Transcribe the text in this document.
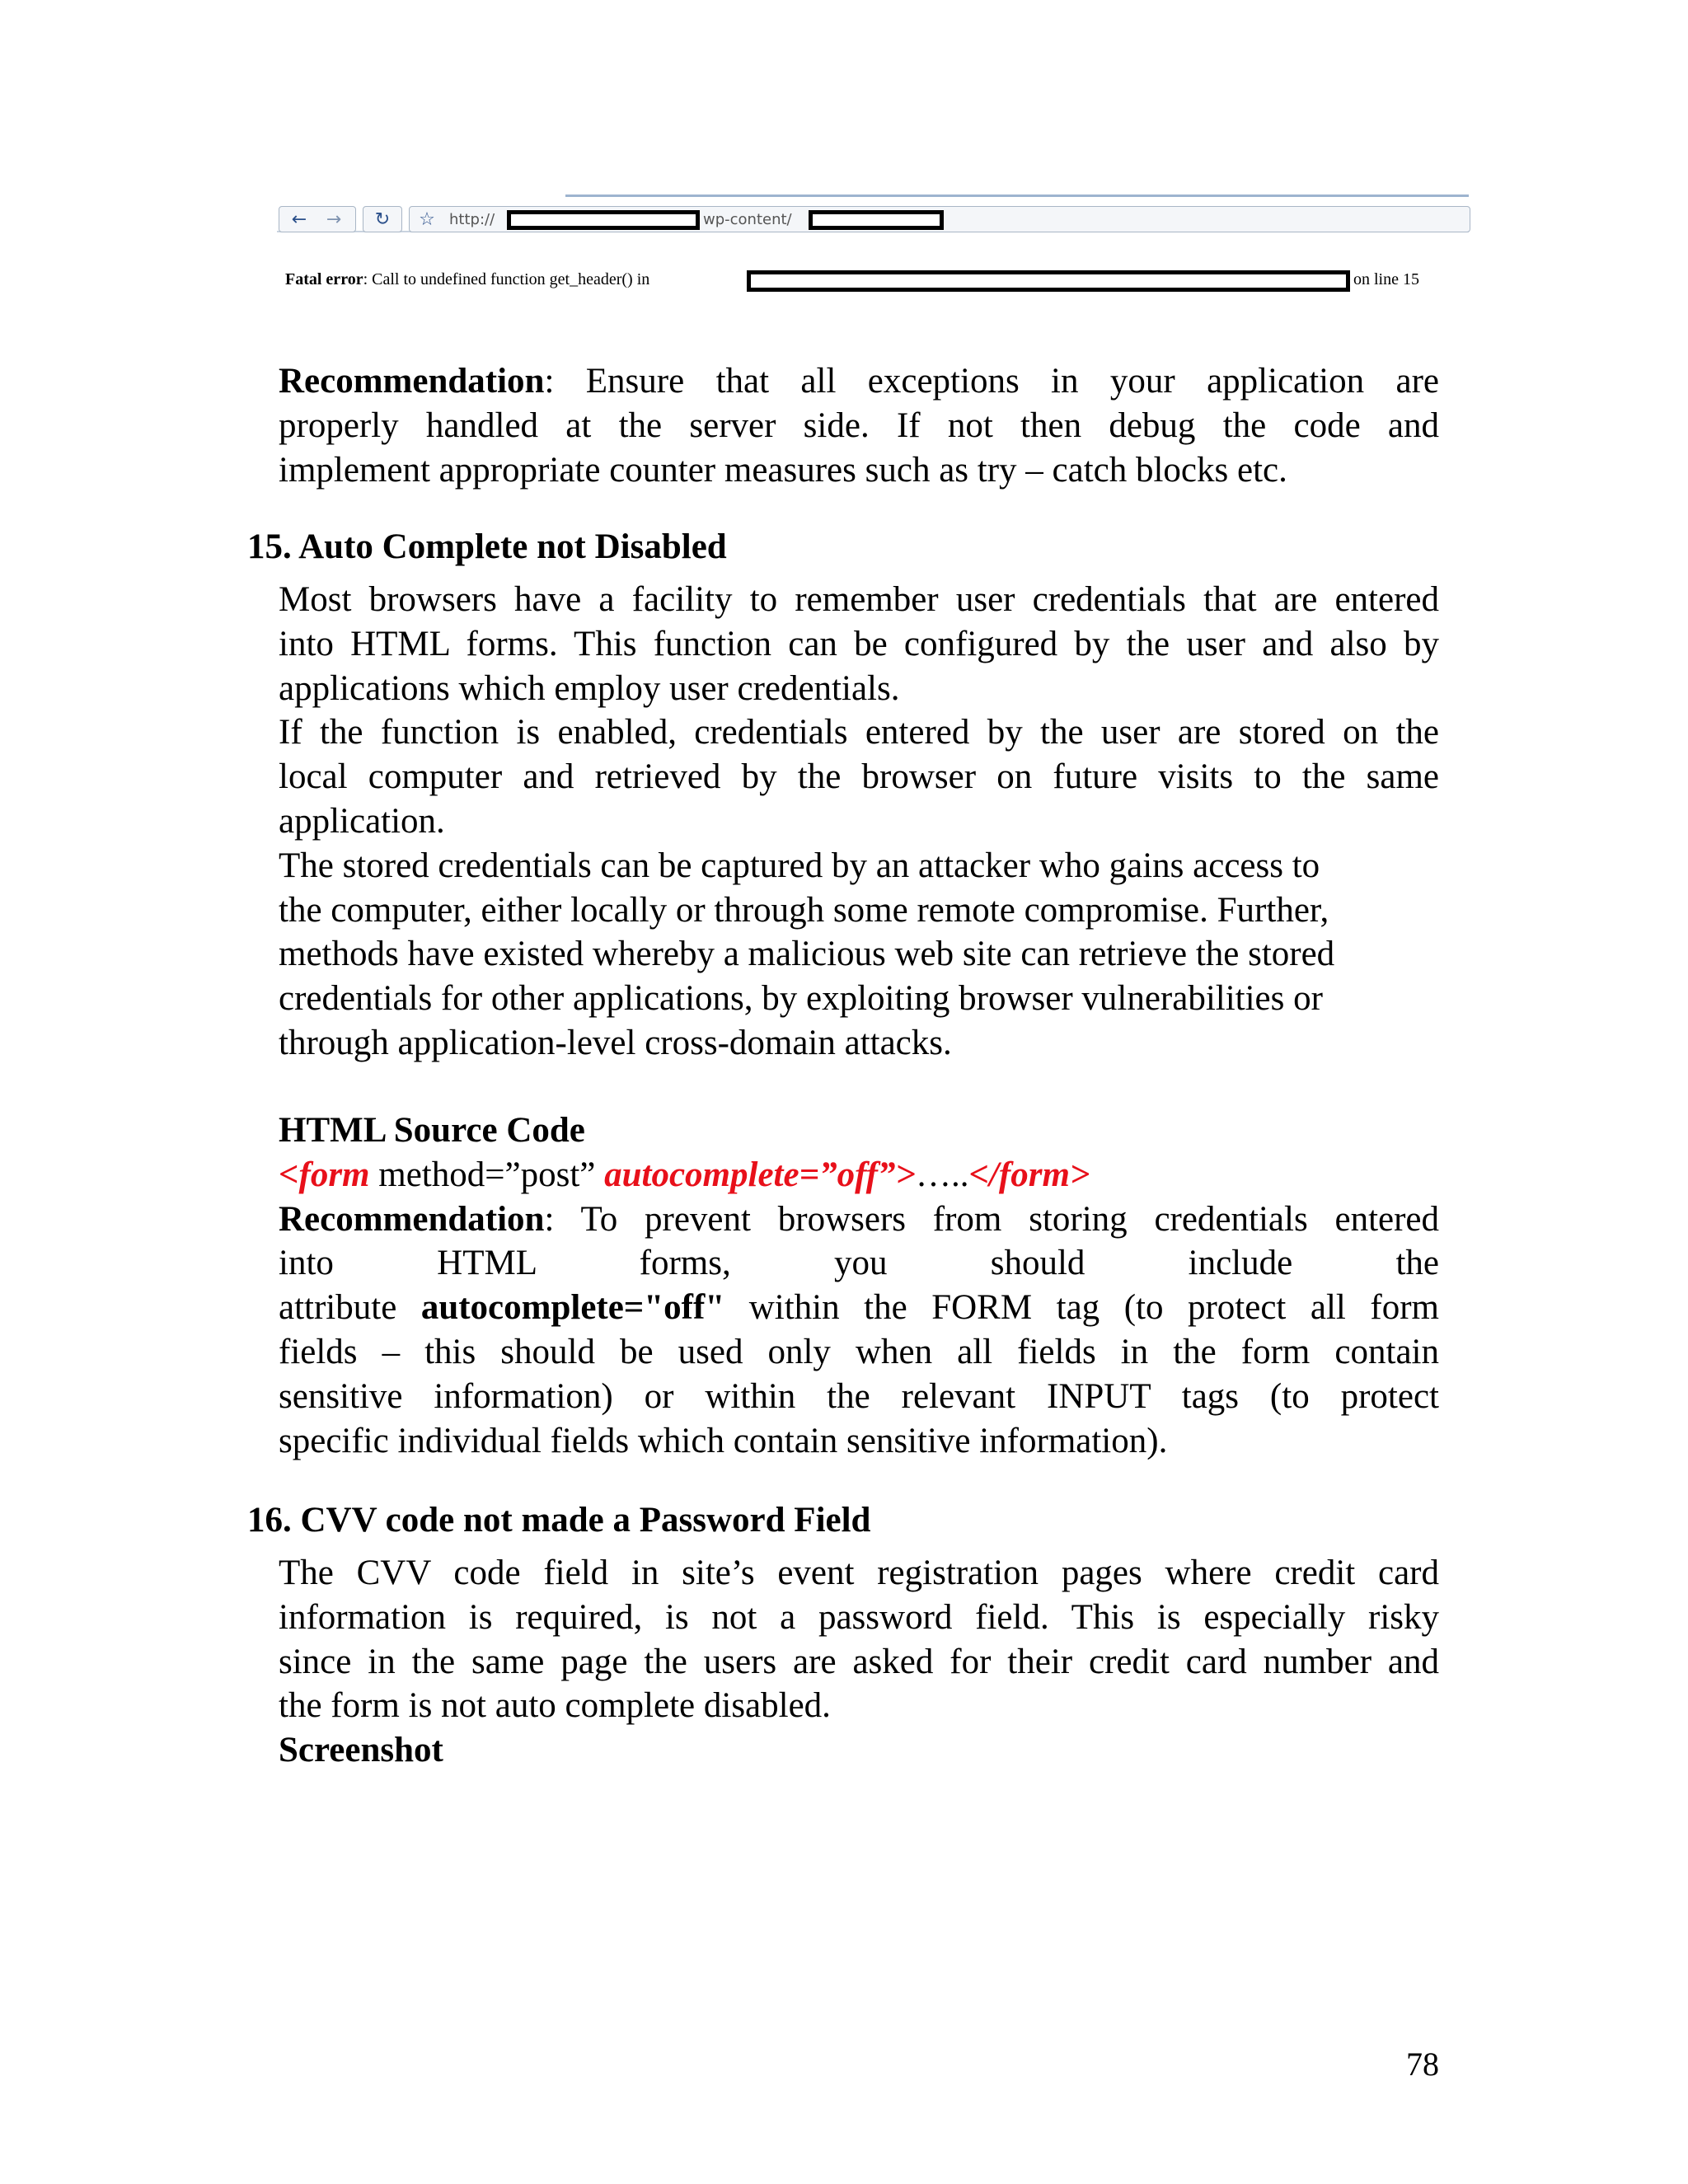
←	→	↻	☆ http://	wp-content/
Fatal error: Call to undefined function get_header() in	on line 15
Recommendation: Ensure that all exceptions in your application are
properly handled at the server side. If not then debug the code and
implement appropriate counter measures such as try – catch blocks etc.
15. Auto Complete not Disabled
Most browsers have a facility to remember user credentials that are entered
into HTML forms. This function can be configured by the user and also by
applications which employ user credentials.
If the function is enabled, credentials entered by the user are stored on the
local computer and retrieved by the browser on future visits to the same
application.
The stored credentials can be captured by an attacker who gains access to
the computer, either locally or through some remote compromise. Further,
methods have existed whereby a malicious web site can retrieve the stored
credentials for other applications, by exploiting browser vulnerabilities or
through application-level cross-domain attacks.
HTML Source Code
<form method=”post” autocomplete=”off”>…..</form>
Recommendation: To prevent browsers from storing credentials entered
into HTML forms, you should include the
attribute autocomplete="off" within the FORM tag (to protect all form
fields – this should be used only when all fields in the form contain
sensitive information) or within the relevant INPUT tags (to protect
specific individual fields which contain sensitive information).
16. CVV code not made a Password Field
The CVV code field in site’s event registration pages where credit card
information is required, is not a password field. This is especially risky
since in the same page the users are asked for their credit card number and
the form is not auto complete disabled.
Screenshot
78
